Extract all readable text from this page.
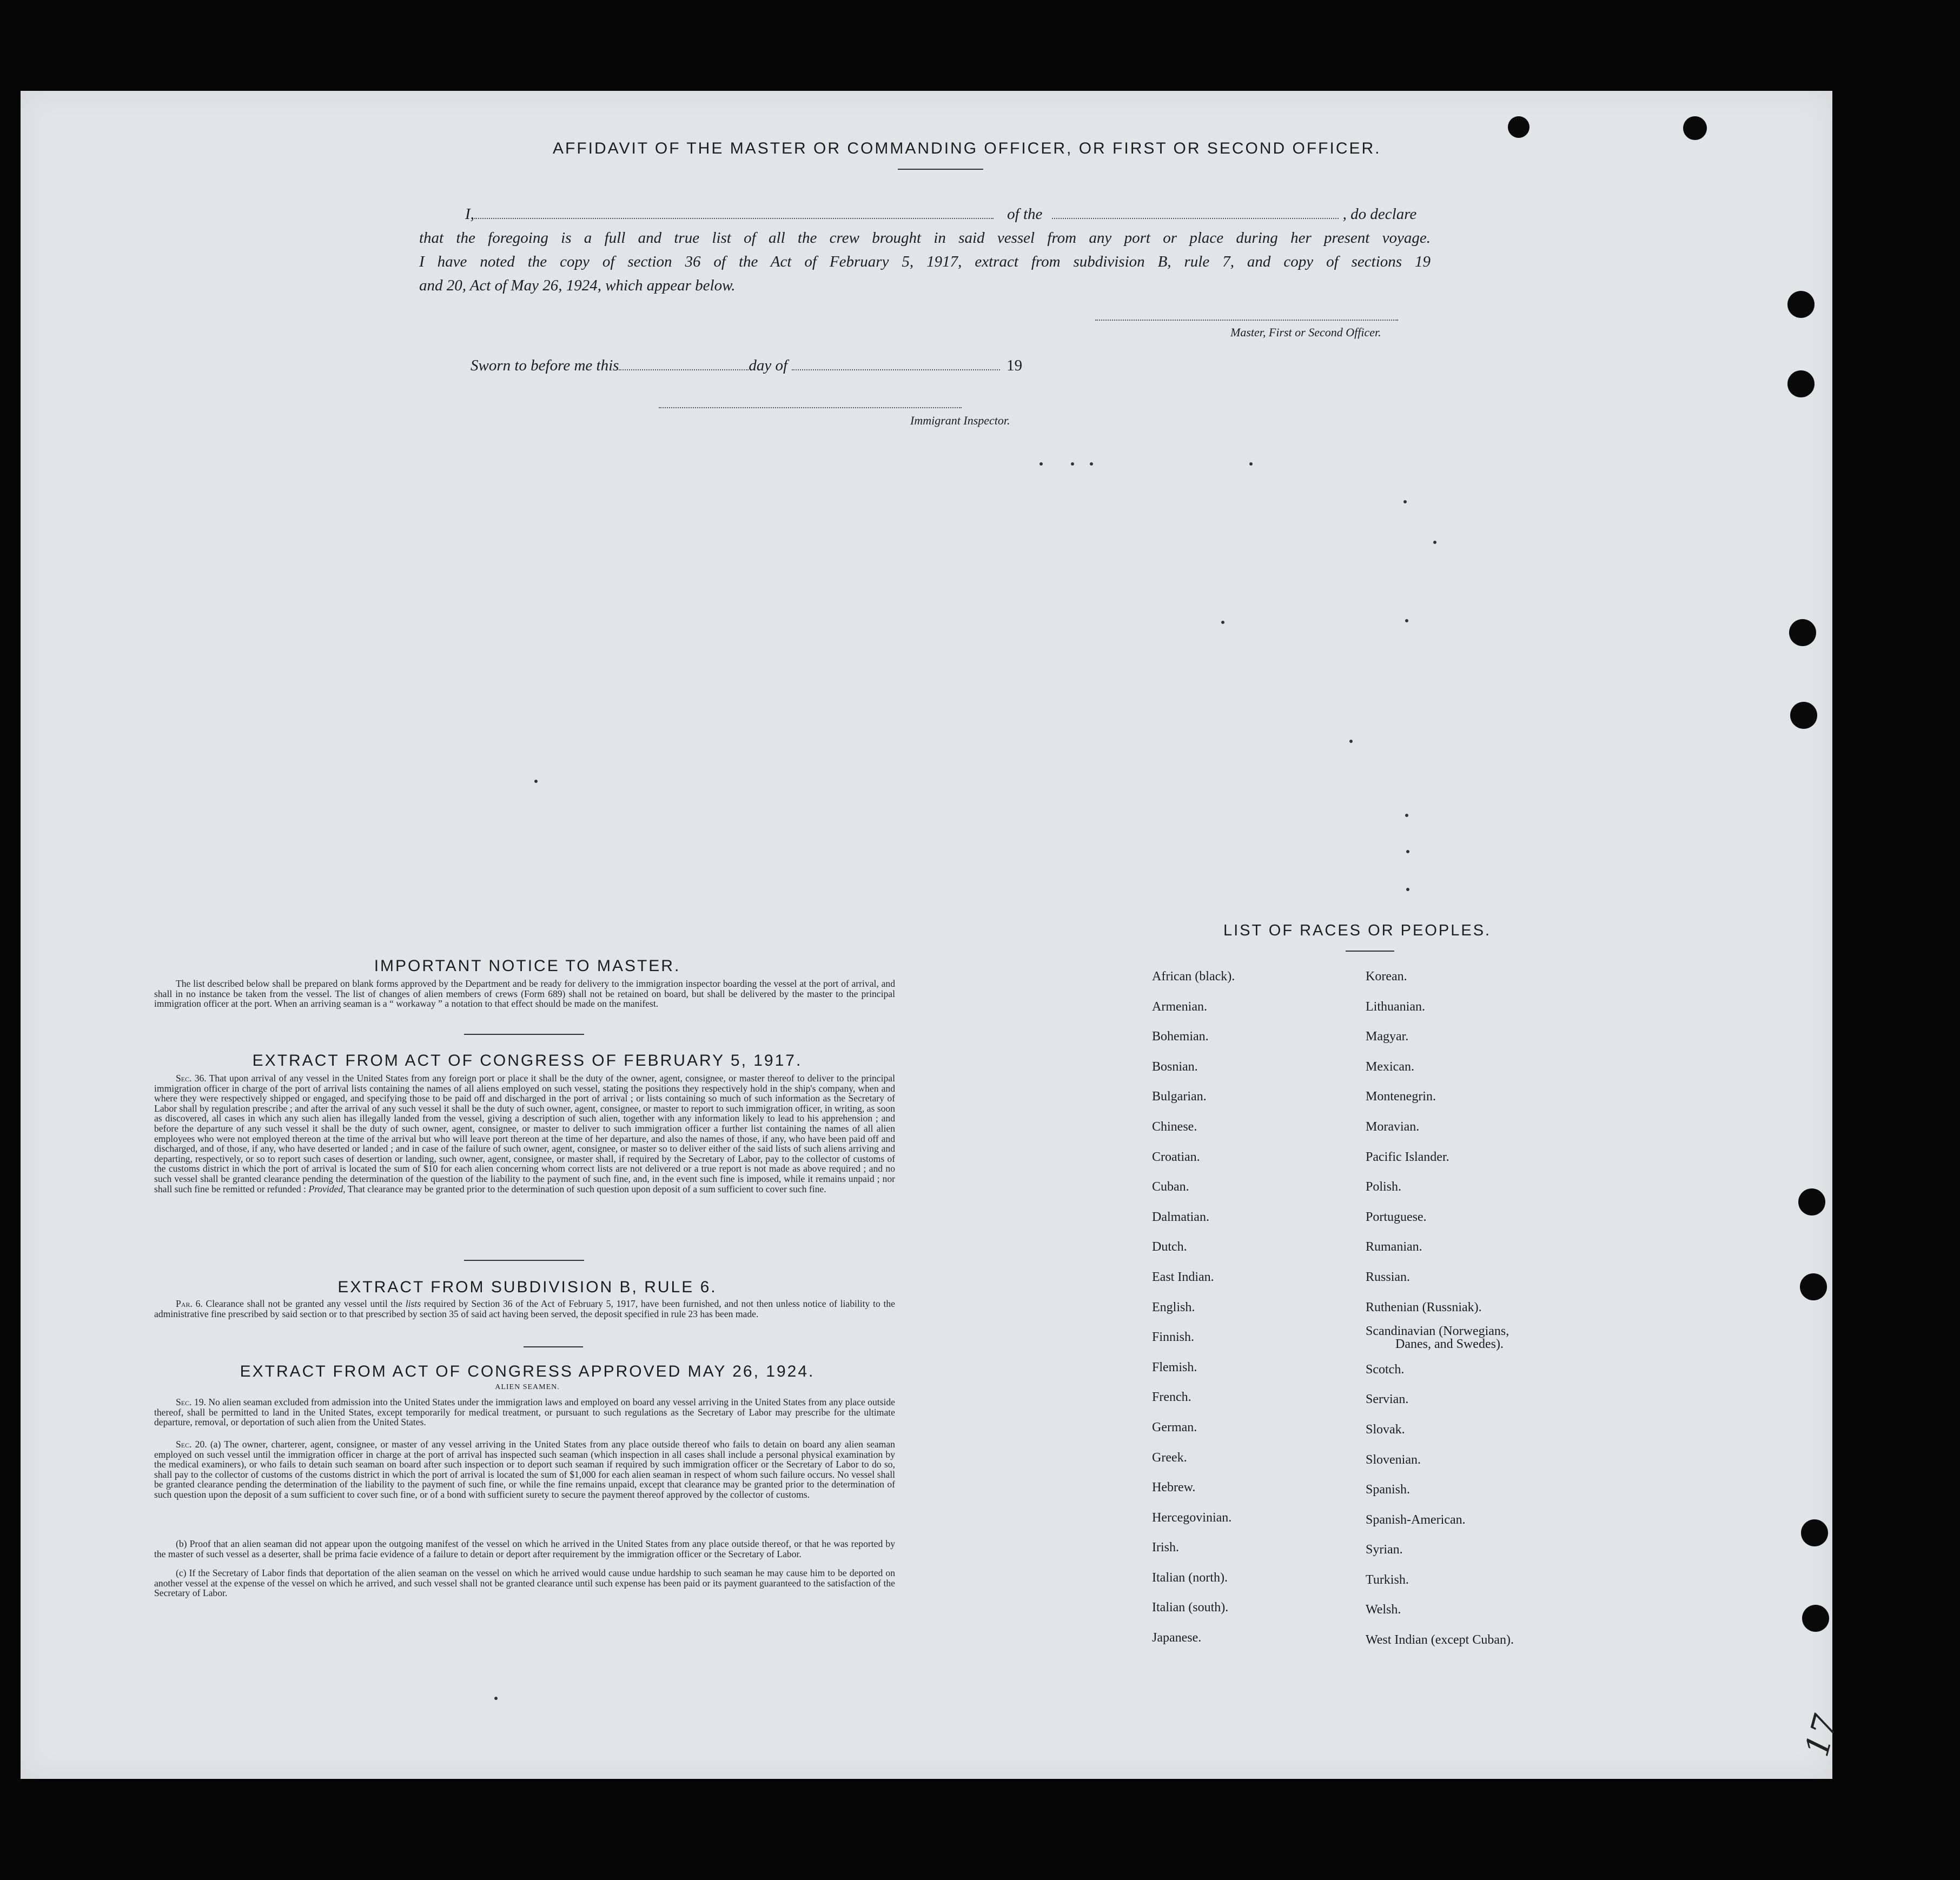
AFFIDAVIT OF THE MASTER OR COMMANDING OFFICER, OR FIRST OR SECOND OFFICER.
I,	of the	, do declare
that the foregoing is a full and true list of all the crew brought in said vessel from any port or place during her present voyage.
I have noted the copy of section 36 of the Act of February 5, 1917, extract from subdivision B, rule 7, and copy of sections 19
and 20, Act of May 26, 1924, which appear below.
Master, First or Second Officer.
Sworn to before me this	day of	19
Immigrant Inspector.
IMPORTANT NOTICE TO MASTER.
The list described below shall be prepared on blank forms approved by the Department and be ready for delivery to the immigration inspector boarding the vessel at the port of arrival, and shall in no instance be taken from the vessel. The list of changes of alien members of crews (Form 689) shall not be retained on board, but shall be delivered by the master to the principal immigration officer at the port. When an arriving seaman is a “ workaway ” a notation to that effect should be made on the manifest.
EXTRACT FROM ACT OF CONGRESS OF FEBRUARY 5, 1917.
Sec. 36. That upon arrival of any vessel in the United States from any foreign port or place it shall be the duty of the owner, agent, consignee, or master thereof to deliver to the principal immigration officer in charge of the port of arrival lists containing the names of all aliens employed on such vessel, stating the positions they respectively hold in the ship's company, when and where they were respectively shipped or engaged, and specifying those to be paid off and discharged in the port of arrival ; or lists containing so much of such information as the Secretary of Labor shall by regulation prescribe ; and after the arrival of any such vessel it shall be the duty of such owner, agent, consignee, or master to report to such immigration officer, in writing, as soon as discovered, all cases in which any such alien has illegally landed from the vessel, giving a description of such alien, together with any information likely to lead to his apprehension ; and before the departure of any such vessel it shall be the duty of such owner, agent, consignee, or master to deliver to such immigration officer a further list containing the names of all alien employees who were not employed thereon at the time of the arrival but who will leave port thereon at the time of her departure, and also the names of those, if any, who have been paid off and discharged, and of those, if any, who have deserted or landed ; and in case of the failure of such owner, agent, consignee, or master so to deliver either of the said lists of such aliens arriving and departing, respectively, or so to report such cases of desertion or landing, such owner, agent, consignee, or master shall, if required by the Secretary of Labor, pay to the collector of customs of the customs district in which the port of arrival is located the sum of $10 for each alien concerning whom correct lists are not delivered or a true report is not made as above required ; and no such vessel shall be granted clearance pending the determination of the question of the liability to the payment of such fine, and, in the event such fine is imposed, while it remains unpaid ; nor shall such fine be remitted or refunded : Provided, That clearance may be granted prior to the determination of such question upon deposit of a sum sufficient to cover such fine.
EXTRACT FROM SUBDIVISION B, RULE 6.
Par. 6. Clearance shall not be granted any vessel until the lists required by Section 36 of the Act of February 5, 1917, have been furnished, and not then unless notice of liability to the administrative fine prescribed by said section or to that prescribed by section 35 of said act having been served, the deposit specified in rule 23 has been made.
EXTRACT FROM ACT OF CONGRESS APPROVED MAY 26, 1924.
ALIEN SEAMEN.
Sec. 19. No alien seaman excluded from admission into the United States under the immigration laws and employed on board any vessel arriving in the United States from any place outside thereof, shall be permitted to land in the United States, except temporarily for medical treatment, or pursuant to such regulations as the Secretary of Labor may prescribe for the ultimate departure, removal, or deportation of such alien from the United States.
Sec. 20. (a) The owner, charterer, agent, consignee, or master of any vessel arriving in the United States from any place outside thereof who fails to detain on board any alien seaman employed on such vessel until the immigration officer in charge at the port of arrival has inspected such seaman (which inspection in all cases shall include a personal physical examination by the medical examiners), or who fails to detain such seaman on board after such inspection or to deport such seaman if required by such immigration officer or the Secretary of Labor to do so, shall pay to the collector of customs of the customs district in which the port of arrival is located the sum of $1,000 for each alien seaman in respect of whom such failure occurs. No vessel shall be granted clearance pending the determination of the liability to the payment of such fine, or while the fine remains unpaid, except that clearance may be granted prior to the determination of such question upon the deposit of a sum sufficient to cover such fine, or of a bond with sufficient surety to secure the payment thereof approved by the collector of customs.
(b) Proof that an alien seaman did not appear upon the outgoing manifest of the vessel on which he arrived in the United States from any place outside thereof, or that he was reported by the master of such vessel as a deserter, shall be prima facie evidence of a failure to detain or deport after requirement by the immigration officer or the Secretary of Labor.
(c) If the Secretary of Labor finds that deportation of the alien seaman on the vessel on which he arrived would cause undue hardship to such seaman he may cause him to be deported on another vessel at the expense of the vessel on which he arrived, and such vessel shall not be granted clearance until such expense has been paid or its payment guaranteed to the satisfaction of the Secretary of Labor.
LIST OF RACES OR PEOPLES.
African (black).
Armenian.
Bohemian.
Bosnian.
Bulgarian.
Chinese.
Croatian.
Cuban.
Dalmatian.
Dutch.
East Indian.
English.
Finnish.
Flemish.
French.
German.
Greek.
Hebrew.
Hercegovinian.
Irish.
Italian (north).
Italian (south).
Japanese.
Korean.
Lithuanian.
Magyar.
Mexican.
Montenegrin.
Moravian.
Pacific Islander.
Polish.
Portuguese.
Rumanian.
Russian.
Ruthenian (Russniak).
Scandinavian (Norwegians,
Danes, and Swedes).
Scotch.
Servian.
Slovak.
Slovenian.
Spanish.
Spanish-American.
Syrian.
Turkish.
Welsh.
West Indian (except Cuban).
17
